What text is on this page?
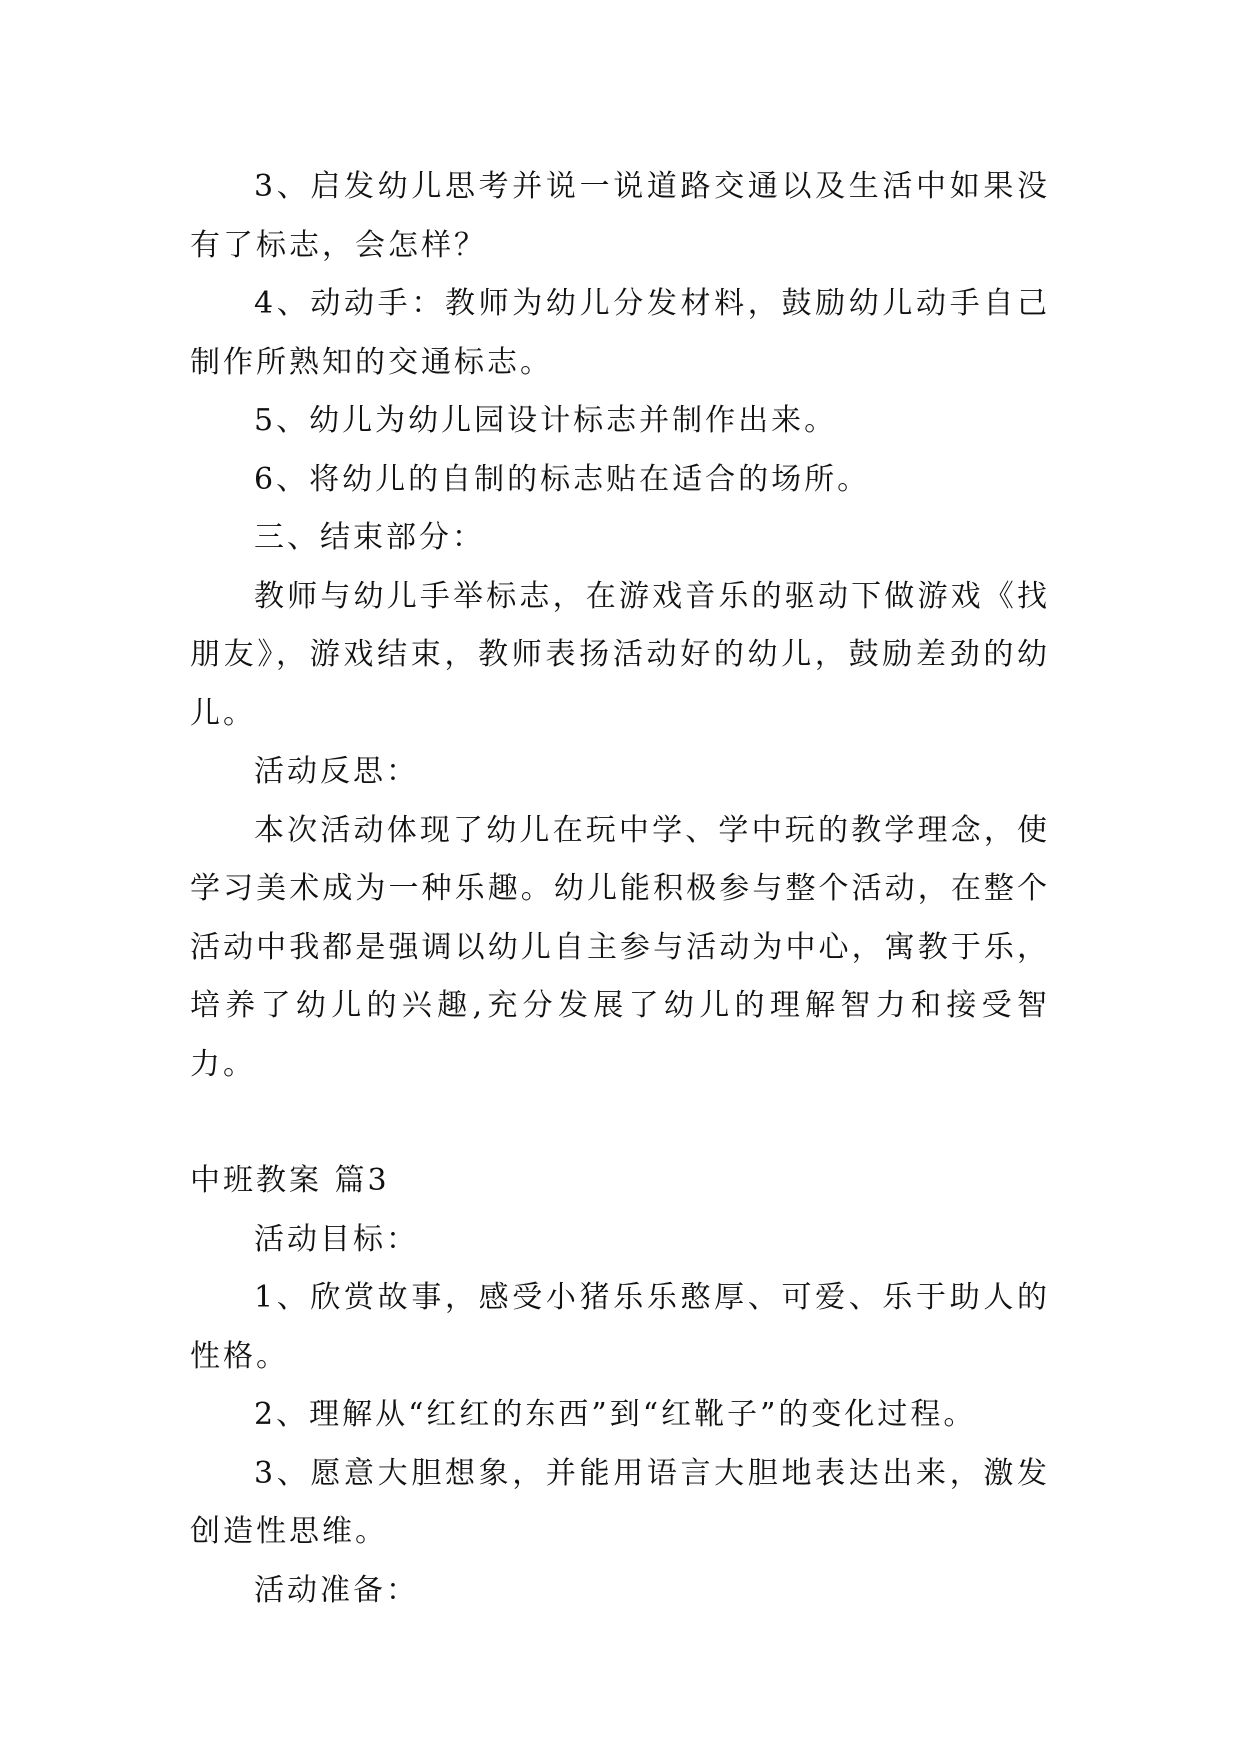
3、启发幼儿思考并说一说道路交通以及生活中如果没有了标志，会怎样？

4、动动手：教师为幼儿分发材料，鼓励幼儿动手自己制作所熟知的交通标志。

5、幼儿为幼儿园设计标志并制作出来。

6、将幼儿的自制的标志贴在适合的场所。

三、结束部分：

教师与幼儿手举标志，在游戏音乐的驱动下做游戏《找朋友》，游戏结束，教师表扬活动好的幼儿，鼓励差劲的幼儿。

活动反思：

本次活动体现了幼儿在玩中学、学中玩的教学理念，使学习美术成为一种乐趣。幼儿能积极参与整个活动，在整个活动中我都是强调以幼儿自主参与活动为中心，寓教于乐，培养了幼儿的兴趣,充分发展了幼儿的理解智力和接受智力。

中班教案 篇3

活动目标：

1、欣赏故事，感受小猪乐乐憨厚、可爱、乐于助人的性格。

2、理解从“红红的东西”到“红靴子”的变化过程。

3、愿意大胆想象，并能用语言大胆地表达出来，激发创造性思维。

活动准备：
